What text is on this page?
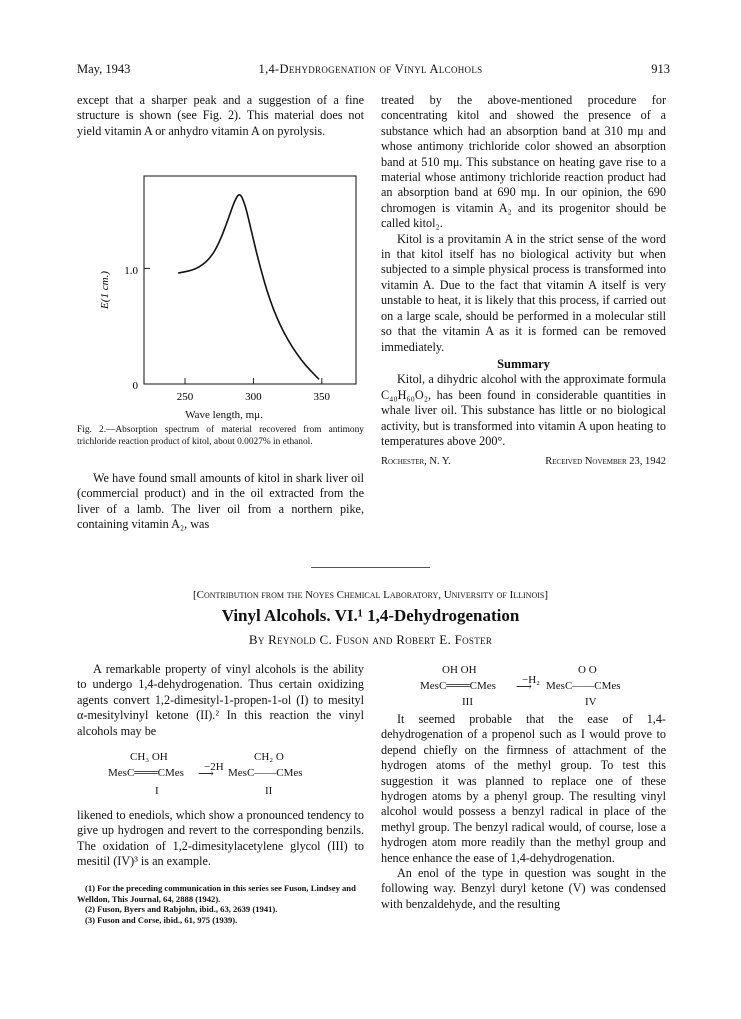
May, 1943	1,4-Dehydrogenation of Vinyl Alcohols	913

except that a sharper peak and a suggestion of a fine structure is shown (see Fig. 2). This material does not yield vitamin A or anhydro vitamin A on pyrolysis.

E(1 cm.)
1.0
0
250	300	350
Wave length, mμ.
Fig. 2.—Absorption spectrum of material recovered from antimony trichloride reaction product of kitol, about 0.0027% in ethanol.

We have found small amounts of kitol in shark liver oil (commercial product) and in the oil extracted from the liver of a lamb. The liver oil from a northern pike, containing vitamin A₂, was

treated by the above-mentioned procedure for concentrating kitol and showed the presence of a substance which had an absorption band at 310 mμ and whose antimony trichloride color showed an absorption band at 510 mμ. This substance on heating gave rise to a material whose antimony trichloride reaction product had an absorption band at 690 mμ. In our opinion, the 690 chromogen is vitamin A₂ and its progenitor should be called kitol₂.

Kitol is a provitamin A in the strict sense of the word in that kitol itself has no biological activity but when subjected to a simple physical process is transformed into vitamin A. Due to the fact that vitamin A itself is very unstable to heat, it is likely that this process, if carried out on a large scale, should be performed in a molecular still so that the vitamin A as it is formed can be removed immediately.

Summary

Kitol, a dihydric alcohol with the approximate formula C₄₀H₆₀O₂, has been found in considerable quantities in whale liver oil. This substance has little or no biological activity, but is transformed into vitamin A upon heating to temperatures above 200°.

Rochester, N. Y.	Received November 23, 1942
[Contribution from the Noyes Chemical Laboratory, University of Illinois]
Vinyl Alcohols. VI.¹ 1,4-Dehydrogenation
By Reynold C. Fuson and Robert E. Foster

A remarkable property of vinyl alcohols is the ability to undergo 1,4-dehydrogenation. Thus certain oxidizing agents convert 1,2-dimesityl-1-propen-1-ol (I) to mesityl α-mesitylvinyl ketone (II).² In this reaction the vinyl alcohols may be

CH₃ OH	CH₂ O
MesC═══CMes −2H
⟶ MesC——CMes
I	II

likened to enediols, which show a pronounced tendency to give up hydrogen and revert to the corresponding benzils. The oxidation of 1,2-dimesitylacetylene glycol (III) to mesitil (IV)³ is an example.

(1) For the preceding communication in this series see Fuson, Lindsey and Welldon, This Journal, 64, 2888 (1942).
(2) Fuson, Byers and Rabjohn, ibid., 63, 2639 (1941).
(3) Fuson and Corse, ibid., 61, 975 (1939).
OH OH	O O
MesC═══CMes −H₂
⟶ MesC——CMes
III	IV

It seemed probable that the ease of 1,4-dehydrogenation of a propenol such as I would prove to depend chiefly on the firmness of attachment of the hydrogen atoms of the methyl group. To test this suggestion it was planned to replace one of these hydrogen atoms by a phenyl group. The resulting vinyl alcohol would possess a benzyl radical in place of the methyl group. The benzyl radical would, of course, lose a hydrogen atom more readily than the methyl group and hence enhance the ease of 1,4-dehydrogenation.

An enol of the type in question was sought in the following way. Benzyl duryl ketone (V) was condensed with benzaldehyde, and the resulting
